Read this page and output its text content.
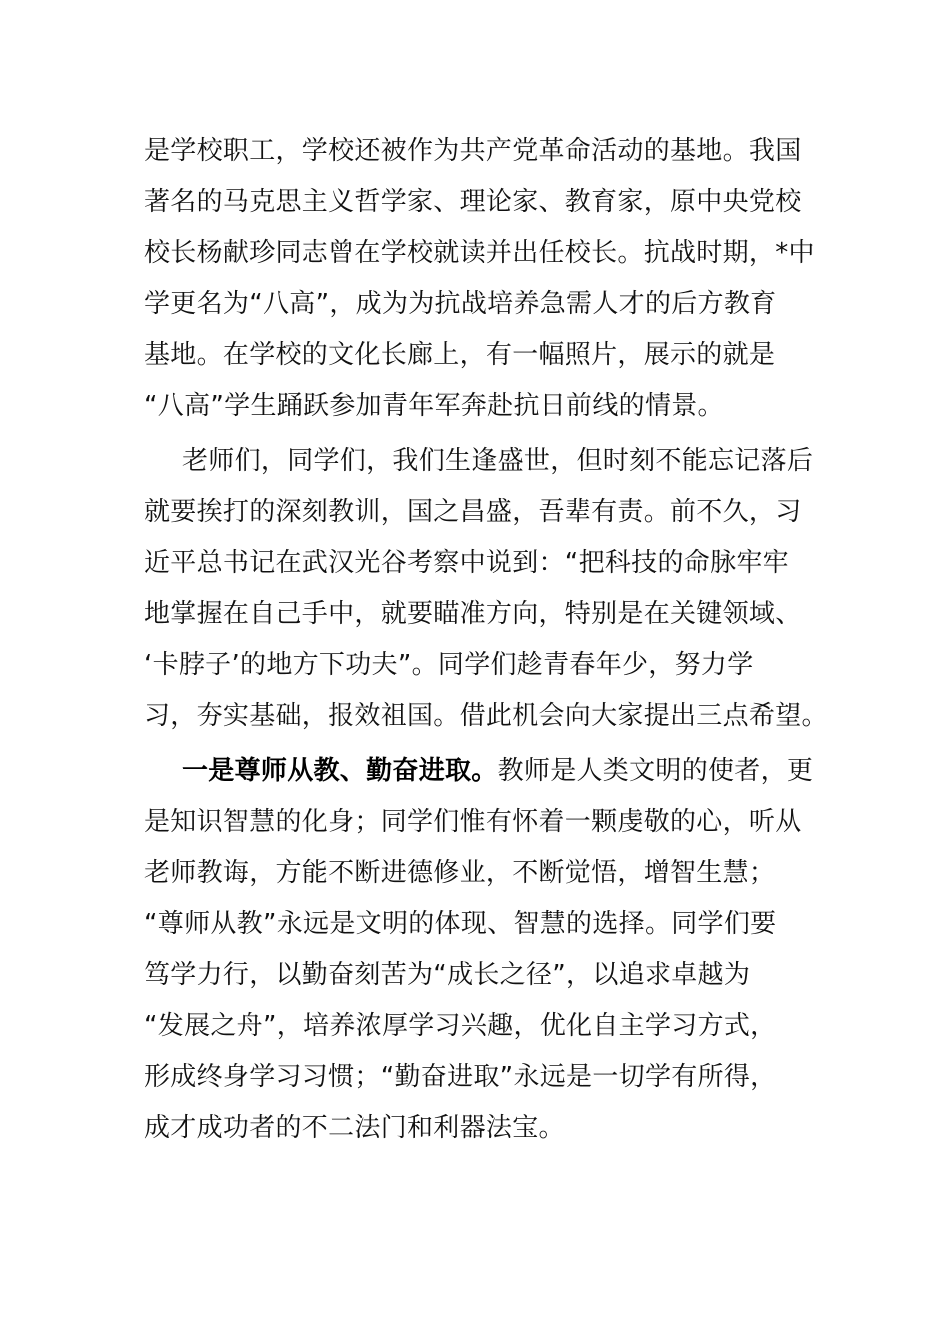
是学校职工，学校还被作为共产党革命活动的基地。我国
著名的马克思主义哲学家、理论家、教育家，原中央党校
校长杨献珍同志曾在学校就读并出任校长。抗战时期，*中
学更名为“八高”，成为为抗战培养急需人才的后方教育
基地。在学校的文化长廊上，有一幅照片，展示的就是
“八高”学生踊跃参加青年军奔赴抗日前线的情景。
老师们，同学们，我们生逢盛世，但时刻不能忘记落后
就要挨打的深刻教训，国之昌盛，吾辈有责。前不久，习
近平总书记在武汉光谷考察中说到：“把科技的命脉牢牢
地掌握在自己手中，就要瞄准方向，特别是在关键领域、
‘卡脖子’的地方下功夫”。同学们趁青春年少，努力学
习，夯实基础，报效祖国。借此机会向大家提出三点希望。
一是尊师从教、勤奋进取。教师是人类文明的使者，更
是知识智慧的化身；同学们惟有怀着一颗虔敬的心，听从
老师教诲，方能不断进德修业，不断觉悟，增智生慧；
“尊师从教”永远是文明的体现、智慧的选择。同学们要
笃学力行，以勤奋刻苦为“成长之径”，以追求卓越为
“发展之舟”，培养浓厚学习兴趣，优化自主学习方式，
形成终身学习习惯；“勤奋进取”永远是一切学有所得，
成才成功者的不二法门和利器法宝。
